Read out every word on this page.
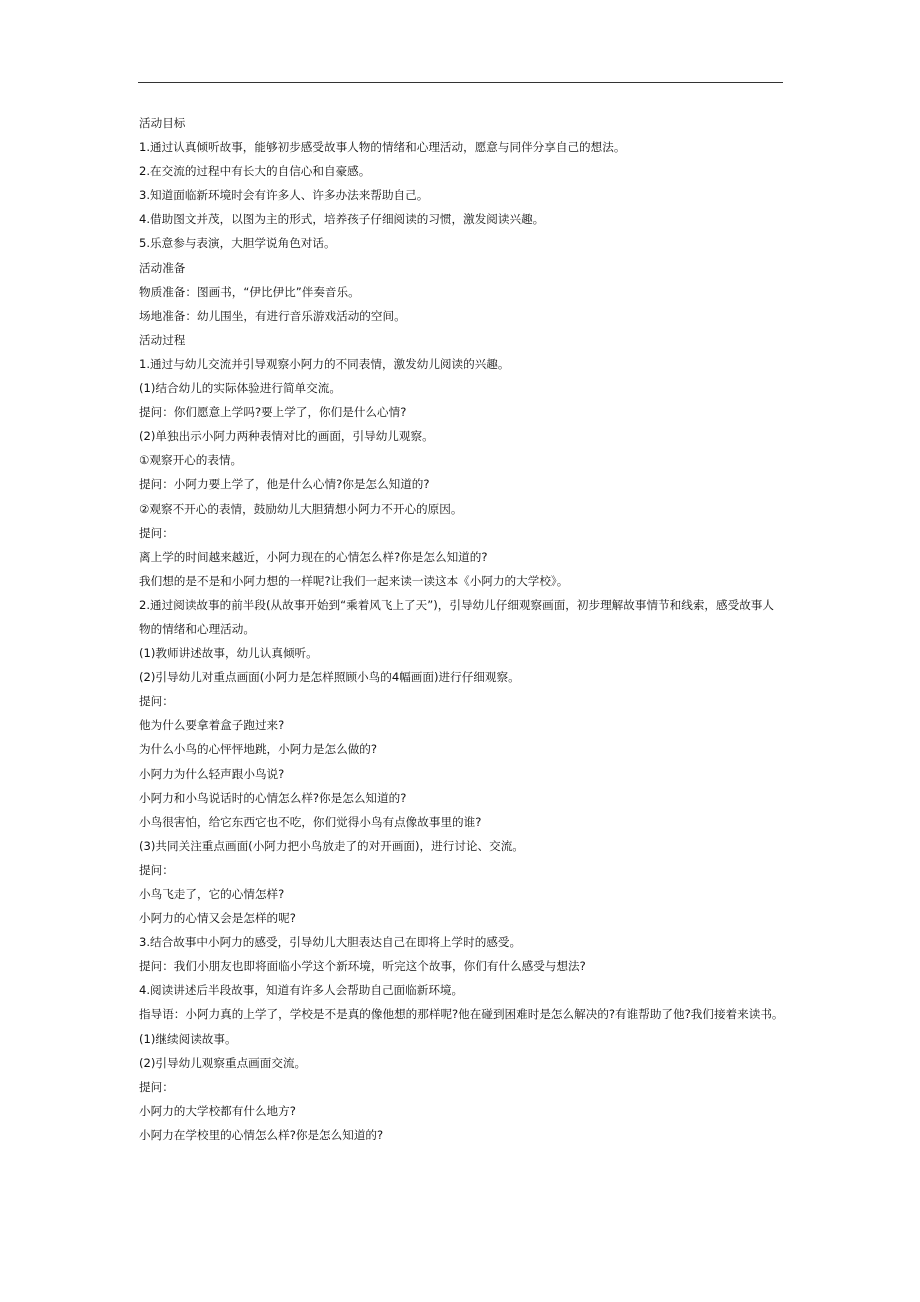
活动目标

1.通过认真倾听故事，能够初步感受故事人物的情绪和心理活动，愿意与同伴分享自己的想法。

2.在交流的过程中有长大的自信心和自豪感。

3.知道面临新环境时会有许多人、许多办法来帮助自己。

4.借助图文并茂，以图为主的形式，培养孩子仔细阅读的习惯，激发阅读兴趣。

5.乐意参与表演，大胆学说角色对话。

活动准备

物质准备：图画书，“伊比伊比”伴奏音乐。

场地准备：幼儿围坐，有进行音乐游戏活动的空间。

活动过程

1.通过与幼儿交流并引导观察小阿力的不同表情，激发幼儿阅读的兴趣。

(1)结合幼儿的实际体验进行简单交流。

提问：你们愿意上学吗?要上学了，你们是什么心情?

(2)单独出示小阿力两种表情对比的画面，引导幼儿观察。

①观察开心的表情。

提问：小阿力要上学了，他是什么心情?你是怎么知道的?

②观察不开心的表情，鼓励幼儿大胆猜想小阿力不开心的原因。

提问：

离上学的时间越来越近，小阿力现在的心情怎么样?你是怎么知道的?

我们想的是不是和小阿力想的一样呢?让我们一起来读一读这本《小阿力的大学校》。

2.通过阅读故事的前半段(从故事开始到“乘着风飞上了天”)，引导幼儿仔细观察画面，初步理解故事情节和线索，感受故事人物的情绪和心理活动。

(1)教师讲述故事，幼儿认真倾听。

(2)引导幼儿对重点画面(小阿力是怎样照顾小鸟的4幅画面)进行仔细观察。

提问：

他为什么要拿着盒子跑过来?

为什么小鸟的心怦怦地跳，小阿力是怎么做的?

小阿力为什么轻声跟小鸟说?

小阿力和小鸟说话时的心情怎么样?你是怎么知道的?

小鸟很害怕，给它东西它也不吃，你们觉得小鸟有点像故事里的谁?

(3)共同关注重点画面(小阿力把小鸟放走了的对开画面)，进行讨论、交流。

提问：

小鸟飞走了，它的心情怎样?

小阿力的心情又会是怎样的呢?

3.结合故事中小阿力的感受，引导幼儿大胆表达自己在即将上学时的感受。

提问：我们小朋友也即将面临小学这个新环境，听完这个故事，你们有什么感受与想法?

4.阅读讲述后半段故事，知道有许多人会帮助自己面临新环境。

指导语：小阿力真的上学了，学校是不是真的像他想的那样呢?他在碰到困难时是怎么解决的?有谁帮助了他?我们接着来读书。

(1)继续阅读故事。

(2)引导幼儿观察重点画面交流。

提问：

小阿力的大学校都有什么地方?

小阿力在学校里的心情怎么样?你是怎么知道的?
